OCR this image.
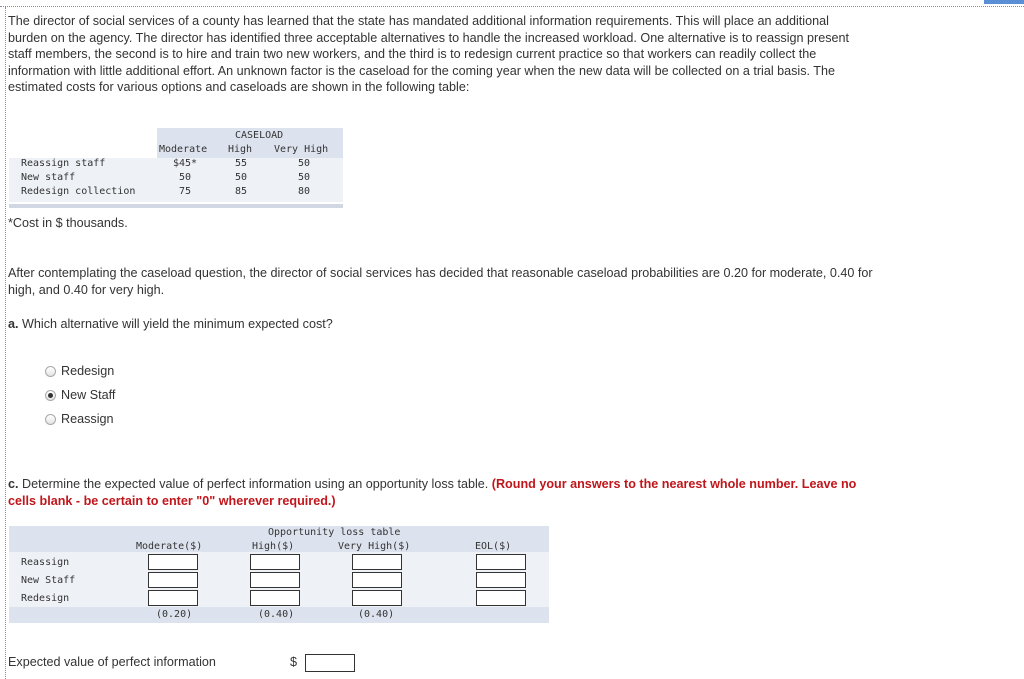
The director of social services of a county has learned that the state has mandated additional information requirements. This will place an additional burden on the agency. The director has identified three acceptable alternatives to handle the increased workload. One alternative is to reassign present staff members, the second is to hire and train two new workers, and the third is to redesign current practice so that workers can readily collect the information with little additional effort. An unknown factor is the caseload for the coming year when the new data will be collected on a trial basis. The estimated costs for various options and caseloads are shown in the following table:
CASELOAD
Moderate High Very High
Reassign staff	$45*	55	50
New staff	50	50	50
Redesign collection	75	85	80
*Cost in $ thousands.
After contemplating the caseload question, the director of social services has decided that reasonable caseload probabilities are 0.20 for moderate, 0.40 for high, and 0.40 for very high.
a. Which alternative will yield the minimum expected cost?
Redesign
New Staff
Reassign
c. Determine the expected value of perfect information using an opportunity loss table. (Round your answers to the nearest whole number. Leave no cells blank - be certain to enter "0" wherever required.)
Opportunity loss table
Moderate($)	High($)	Very High($)	EOL($)
Reassign
New Staff
Redesign
(0.20)	(0.40)	(0.40)
Expected value of perfect information	$
